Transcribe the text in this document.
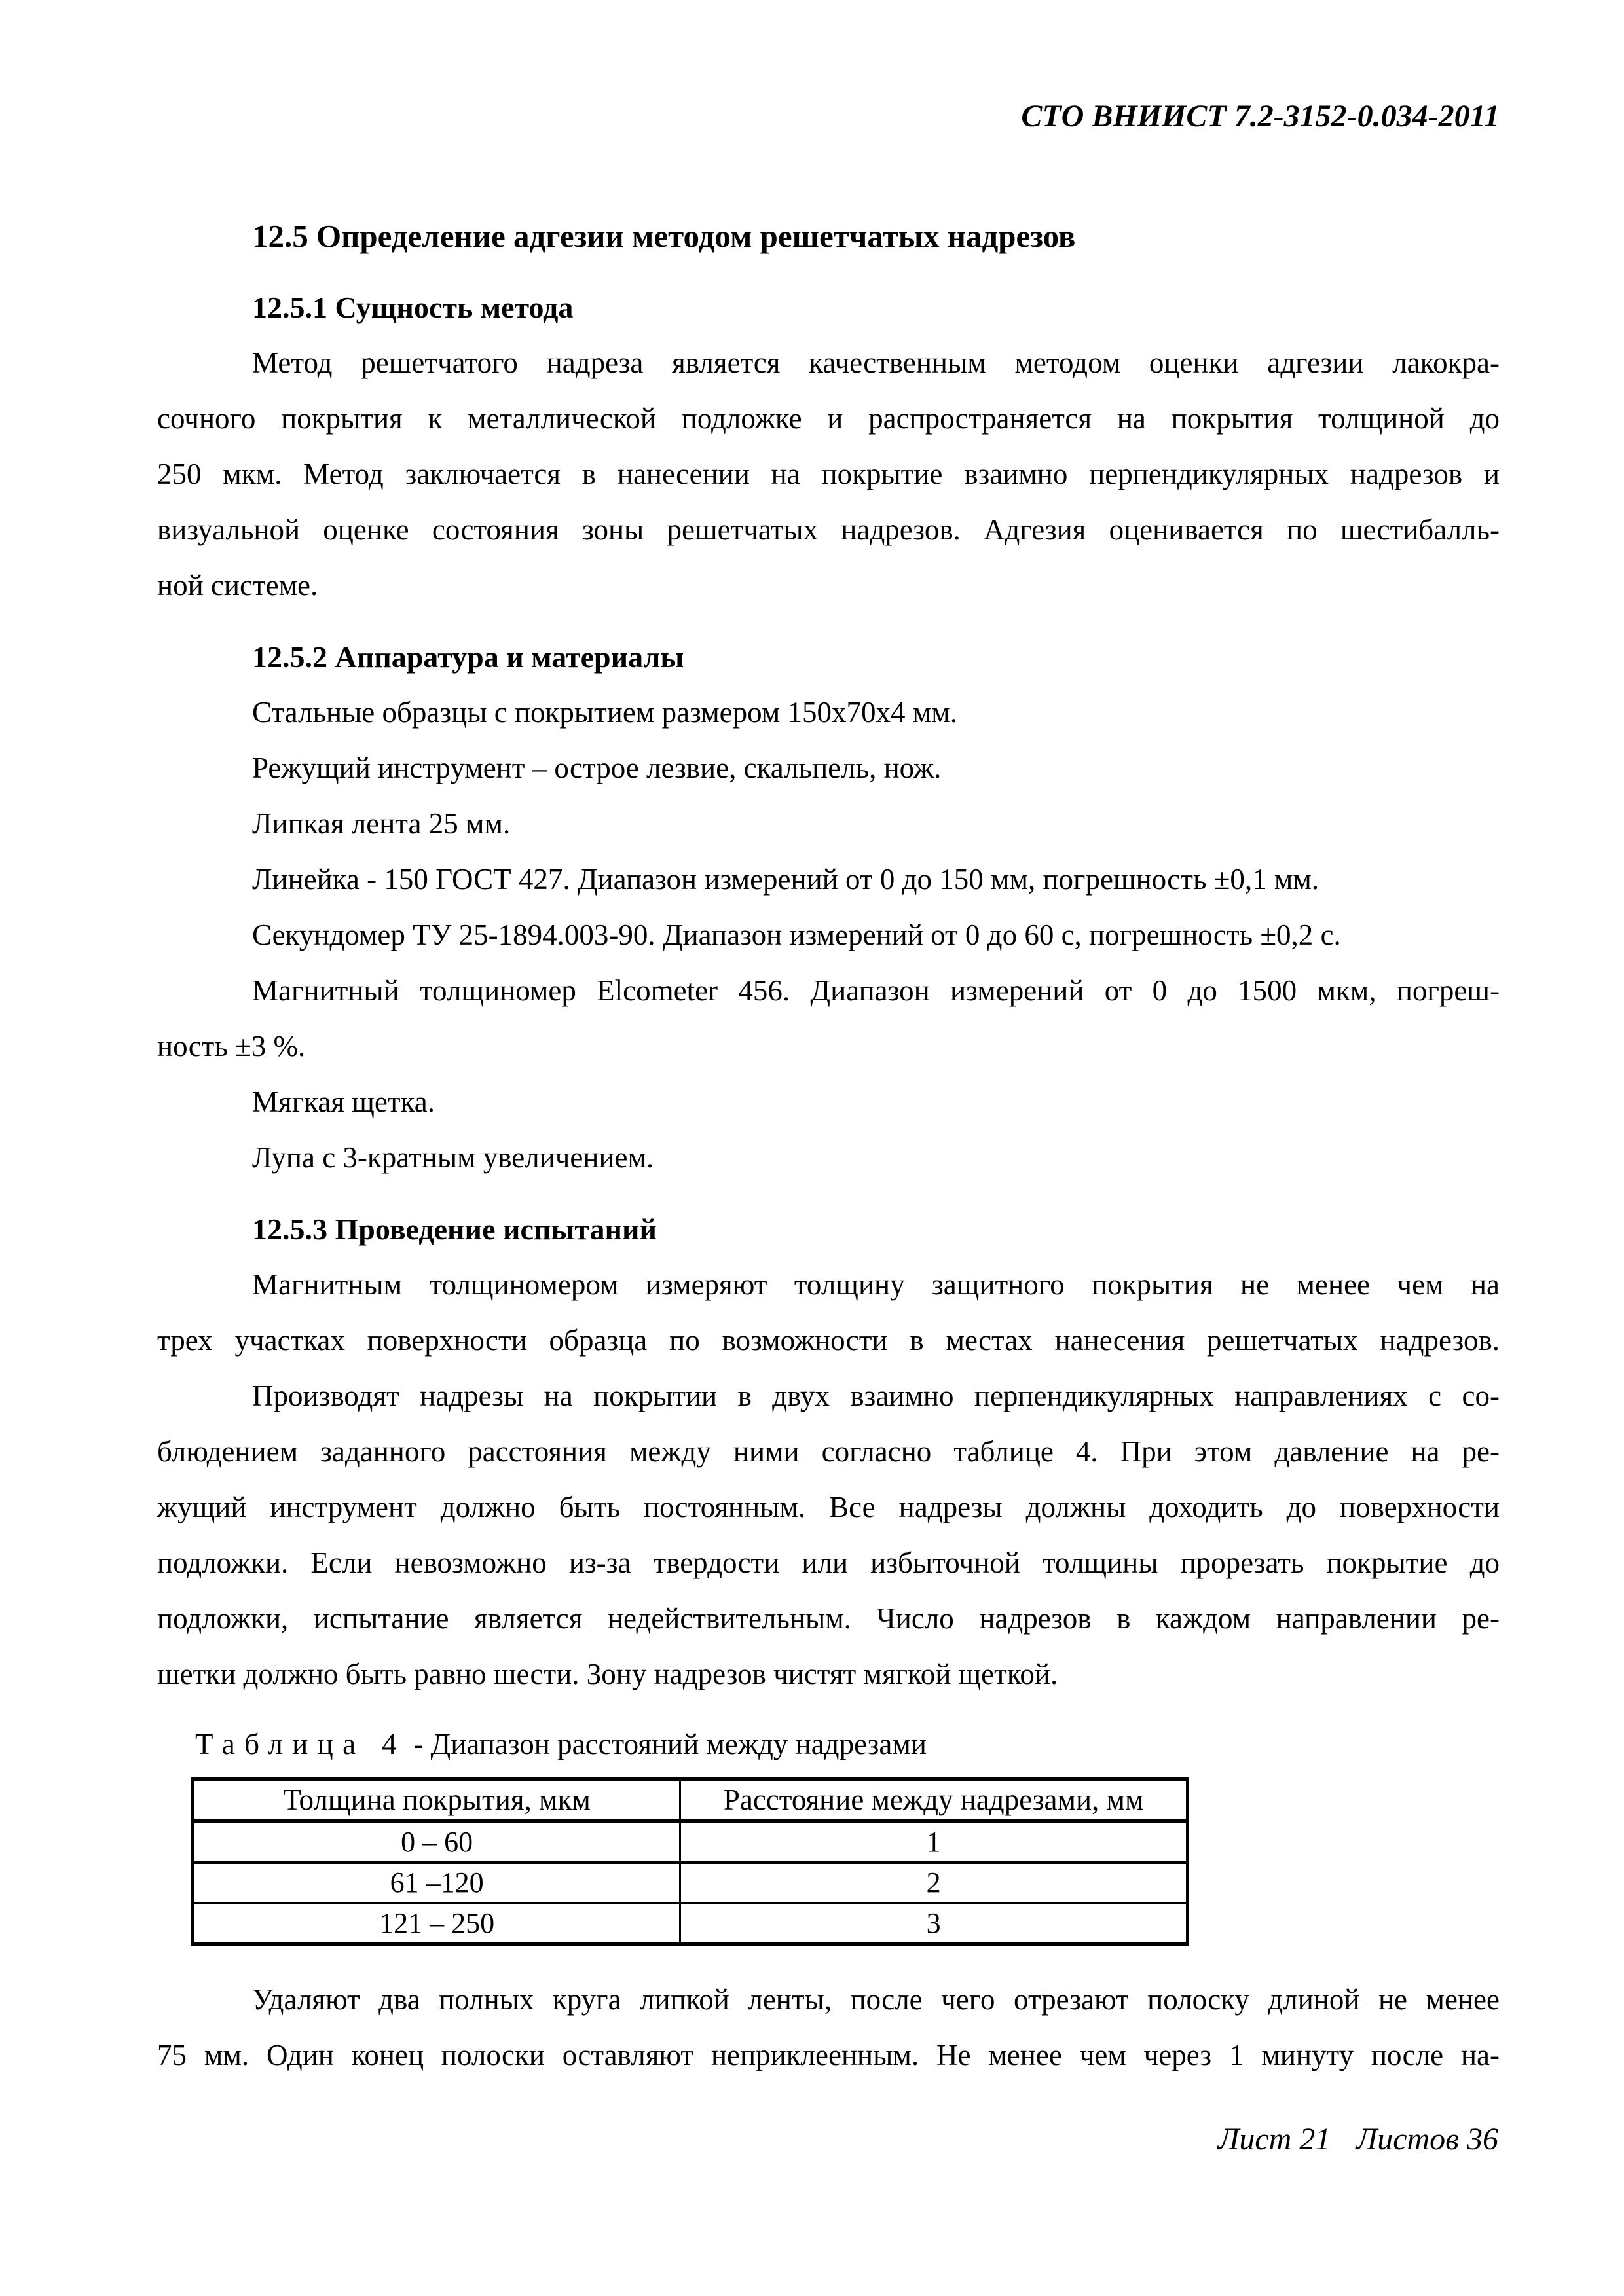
СТО ВНИИСТ 7.2-3152-0.034-2011
12.5 Определение адгезии методом решетчатых надрезов
12.5.1 Сущность метода
Метод решетчатого надреза является качественным методом оценки адгезии лакокра-
сочного покрытия к металлической подложке и распространяется на покрытия толщиной до
250 мкм. Метод заключается в нанесении на покрытие взаимно перпендикулярных надрезов и
визуальной оценке состояния зоны решетчатых надрезов. Адгезия оценивается по шестибалль-
ной системе.
12.5.2 Аппаратура и материалы
Стальные образцы с покрытием размером 150х70х4 мм.
Режущий инструмент – острое лезвие, скальпель, нож.
Липкая лента 25 мм.
Линейка - 150 ГОСТ 427. Диапазон измерений от 0 до 150 мм, погрешность ±0,1 мм.
Секундомер ТУ 25-1894.003-90. Диапазон измерений от 0 до 60 с, погрешность ±0,2 с.
Магнитный толщиномер Elcometer 456. Диапазон измерений от 0 до 1500 мкм, погреш-
ность ±3 %.
Мягкая щетка.
Лупа с 3-кратным увеличением.
12.5.3 Проведение испытаний
Магнитным толщиномером измеряют толщину защитного покрытия не менее чем на
трех участках поверхности образца по возможности в местах нанесения решетчатых надрезов.
Производят надрезы на покрытии в двух взаимно перпендикулярных направлениях с со-
блюдением заданного расстояния между ними согласно таблице 4. При этом давление на ре-
жущий инструмент должно быть постоянным. Все надрезы должны доходить до поверхности
подложки. Если невозможно из-за твердости или избыточной толщины прорезать покрытие до
подложки, испытание является недействительным. Число надрезов в каждом направлении ре-
шетки должно быть равно шести. Зону надрезов чистят мягкой щеткой.
Таблица 4 - Диапазон расстояний между надрезами
Толщина покрытия, мкм	Расстояние между надрезами, мм
0 – 60	1
61 –120	2
121 – 250	3
Удаляют два полных круга липкой ленты, после чего отрезают полоску длиной не менее
75 мм. Один конец полоски оставляют неприклеенным. Не менее чем через 1 минуту после на-
Лист 21 Листов 36
